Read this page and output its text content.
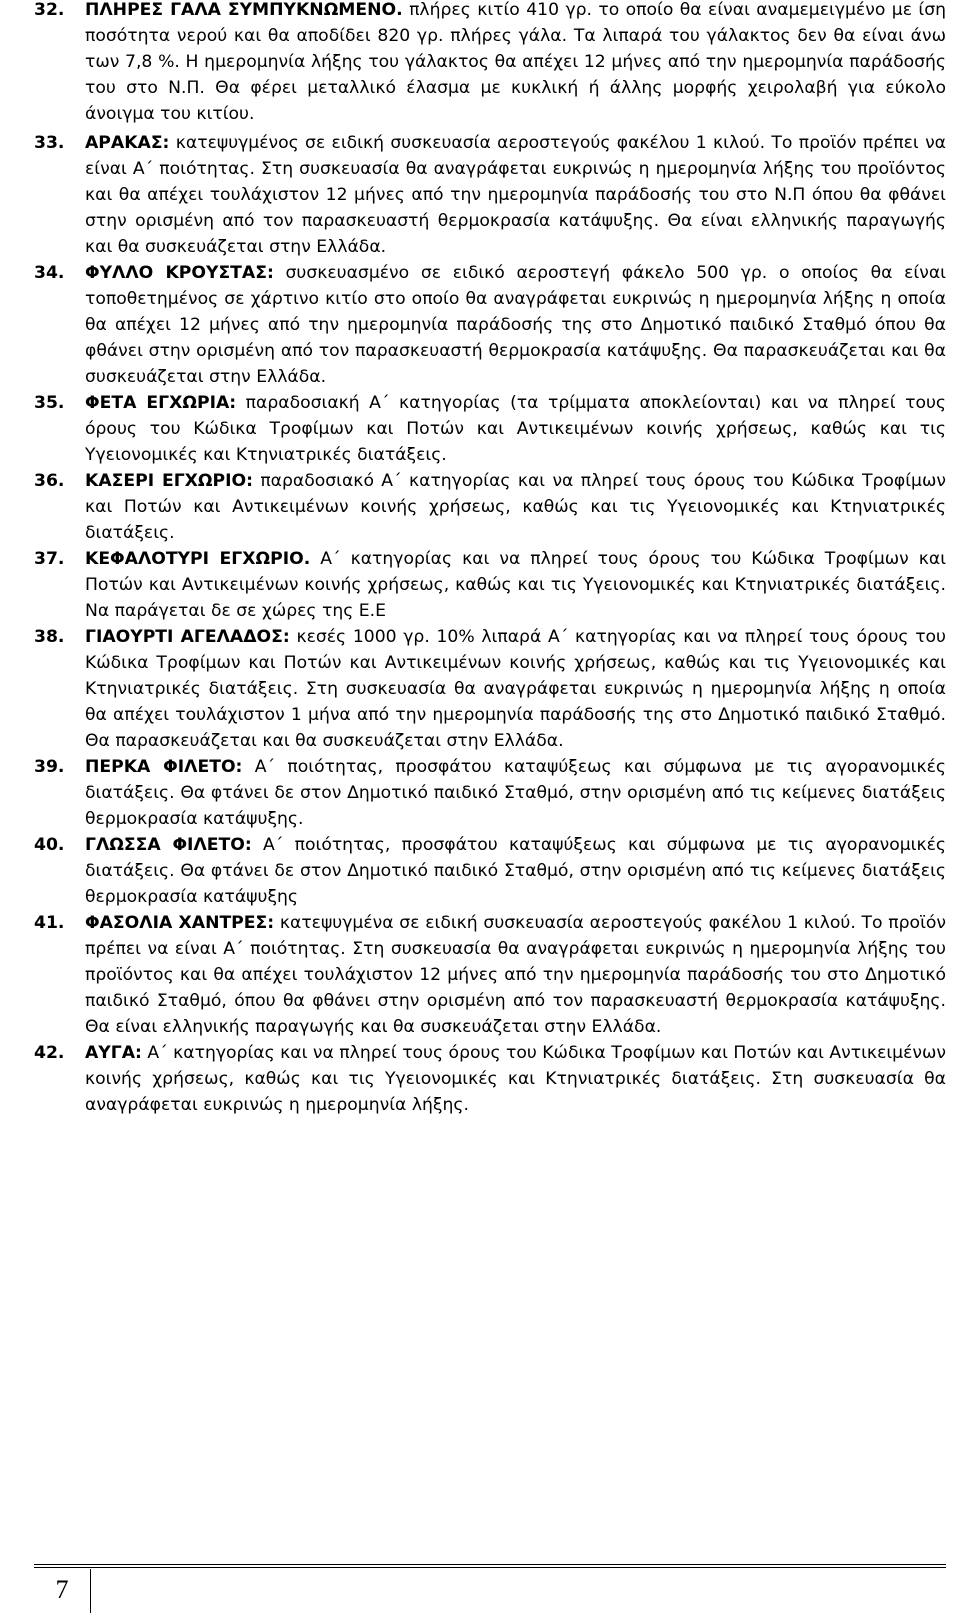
32. ΠΛΗΡΕΣ ΓΑΛΑ ΣΥΜΠΥΚΝΩΜΕΝΟ. πλήρες κιτίο 410 γρ. το οποίο θα είναι αναμεμειγμένο με ίση ποσότητα νερού και θα αποδίδει 820 γρ. πλήρες γάλα. Τα λιπαρά του γάλακτος δεν θα είναι άνω των 7,8 %. Η ημερομηνία λήξης του γάλακτος θα απέχει 12 μήνες από την ημερομηνία παράδοσής του στο Ν.Π. Θα φέρει μεταλλικό έλασμα με κυκλική ή άλλης μορφής χειρολαβή για εύκολο άνοιγμα του κιτίου.
33. ΑΡΑΚΑΣ: κατεψυγμένος σε ειδική συσκευασία αεροστεγούς φακέλου 1 κιλού. Το προϊόν πρέπει να είναι Α΄ ποιότητας. Στη συσκευασία θα αναγράφεται ευκρινώς η ημερομηνία λήξης του προϊόντος και θα απέχει τουλάχιστον 12 μήνες από την ημερομηνία παράδοσής του στο Ν.Π όπου θα φθάνει στην ορισμένη από τον παρασκευαστή θερμοκρασία κατάψυξης. Θα είναι ελληνικής παραγωγής και θα συσκευάζεται στην Ελλάδα.
34. ΦΥΛΛΟ ΚΡΟΥΣΤΑΣ: συσκευασμένο σε ειδικό αεροστεγή φάκελο 500 γρ. ο οποίος θα είναι τοποθετημένος σε χάρτινο κιτίο στο οποίο θα αναγράφεται ευκρινώς η ημερομηνία λήξης η οποία θα απέχει 12 μήνες από την ημερομηνία παράδοσής της στο Δημοτικό παιδικό Σταθμό όπου θα φθάνει στην ορισμένη από τον παρασκευαστή θερμοκρασία κατάψυξης. Θα παρασκευάζεται και θα συσκευάζεται στην Ελλάδα.
35. ΦΕΤΑ ΕΓΧΩΡΙΑ: παραδοσιακή Α΄ κατηγορίας (τα τρίμματα αποκλείονται) και να πληρεί τους όρους του Κώδικα Τροφίμων και Ποτών και Αντικειμένων κοινής χρήσεως, καθώς και τις Υγειονομικές και Κτηνιατρικές διατάξεις.
36. ΚΑΣΕΡΙ ΕΓΧΩΡΙΟ: παραδοσιακό Α΄ κατηγορίας και να πληρεί τους όρους του Κώδικα Τροφίμων και Ποτών και Αντικειμένων κοινής χρήσεως, καθώς και τις Υγειονομικές και Κτηνιατρικές διατάξεις.
37. ΚΕΦΑΛΟΤΥΡΙ ΕΓΧΩΡΙΟ. Α΄ κατηγορίας και να πληρεί τους όρους του Κώδικα Τροφίμων και Ποτών και Αντικειμένων κοινής χρήσεως, καθώς και τις Υγειονομικές και Κτηνιατρικές διατάξεις. Να παράγεται δε σε χώρες της Ε.Ε
38. ΓΙΑΟΥΡΤΙ ΑΓΕΛΑΔΟΣ: κεσές 1000 γρ. 10% λιπαρά Α΄ κατηγορίας και να πληρεί τους όρους του Κώδικα Τροφίμων και Ποτών και Αντικειμένων κοινής χρήσεως, καθώς και τις Υγειονομικές και Κτηνιατρικές διατάξεις. Στη συσκευασία θα αναγράφεται ευκρινώς η ημερομηνία λήξης η οποία θα απέχει τουλάχιστον 1 μήνα από την ημερομηνία παράδοσής της στο Δημοτικό παιδικό Σταθμό. Θα παρασκευάζεται και θα συσκευάζεται στην Ελλάδα.
39. ΠΕΡΚΑ ΦΙΛΕΤΟ: Α΄ ποιότητας, προσφάτου καταψύξεως και σύμφωνα με τις αγορανομικές διατάξεις. Θα φτάνει δε στον Δημοτικό παιδικό Σταθμό, στην ορισμένη από τις κείμενες διατάξεις θερμοκρασία κατάψυξης.
40. ΓΛΩΣΣΑ ΦΙΛΕΤΟ: Α΄ ποιότητας, προσφάτου καταψύξεως και σύμφωνα με τις αγορανομικές διατάξεις. Θα φτάνει δε στον Δημοτικό παιδικό Σταθμό, στην ορισμένη από τις κείμενες διατάξεις θερμοκρασία κατάψυξης
41. ΦΑΣΟΛΙΑ ΧΑΝΤΡΕΣ: κατεψυγμένα σε ειδική συσκευασία αεροστεγούς φακέλου 1 κιλού. Το προϊόν πρέπει να είναι Α΄ ποιότητας. Στη συσκευασία θα αναγράφεται ευκρινώς η ημερομηνία λήξης του προϊόντος και θα απέχει τουλάχιστον 12 μήνες από την ημερομηνία παράδοσής του στο Δημοτικό παιδικό Σταθμό, όπου θα φθάνει στην ορισμένη από τον παρασκευαστή θερμοκρασία κατάψυξης. Θα είναι ελληνικής παραγωγής και θα συσκευάζεται στην Ελλάδα.
42. ΑΥΓΑ: Α΄ κατηγορίας και να πληρεί τους όρους του Κώδικα Τροφίμων και Ποτών και Αντικειμένων κοινής χρήσεως, καθώς και τις Υγειονομικές και Κτηνιατρικές διατάξεις. Στη συσκευασία θα αναγράφεται ευκρινώς η ημερομηνία λήξης.
7
